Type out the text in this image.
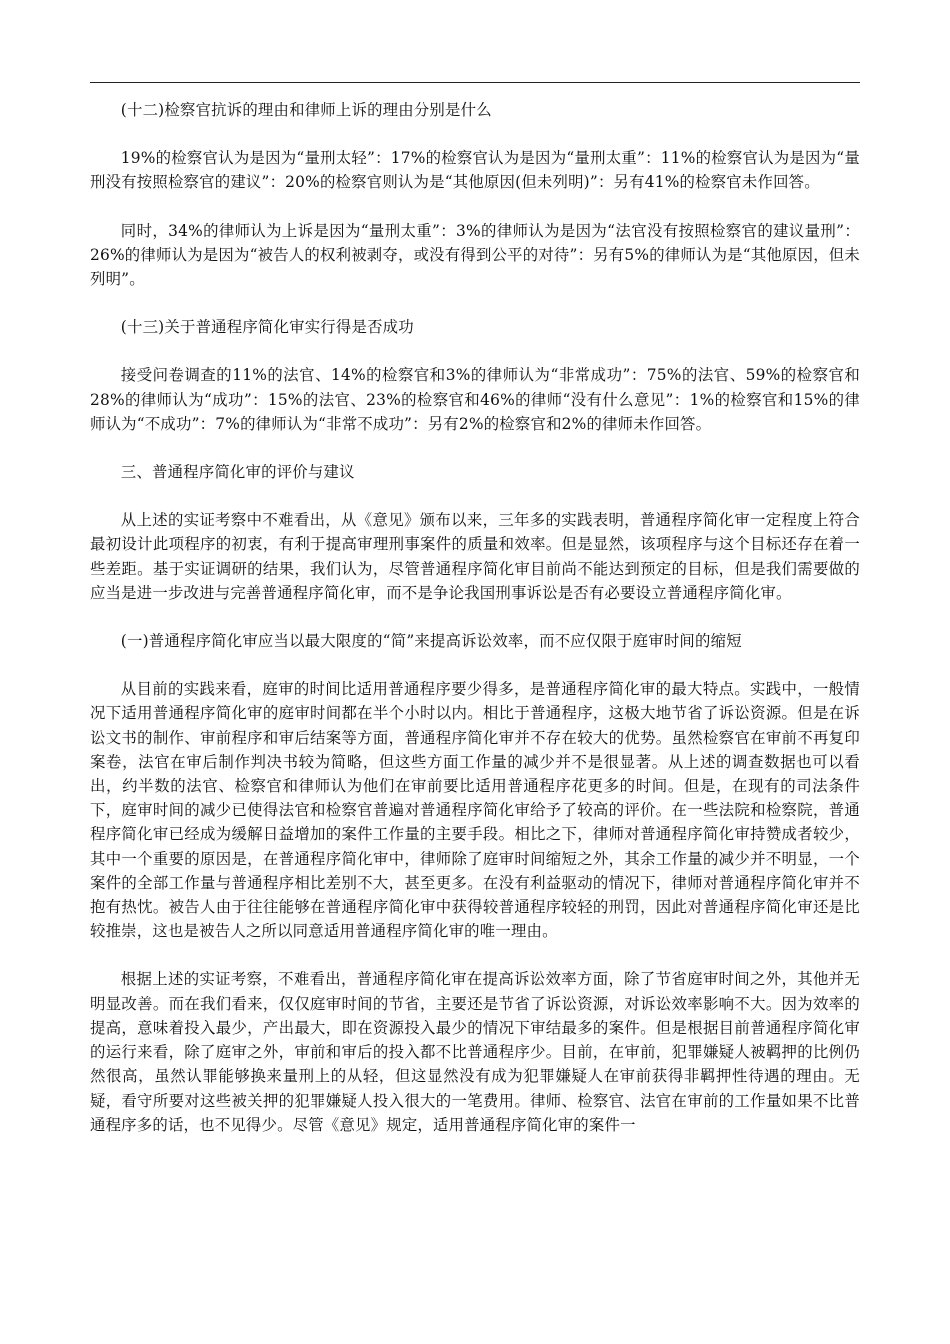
(十二)检察官抗诉的理由和律师上诉的理由分别是什么

19%的检察官认为是因为“量刑太轻”：17%的检察官认为是因为“量刑太重”：11%的检察官认为是因为“量刑没有按照检察官的建议”：20%的检察官则认为是“其他原因(但未列明)”：另有41%的检察官未作回答。

同时，34%的律师认为上诉是因为“量刑太重”：3%的律师认为是因为“法官没有按照检察官的建议量刑”：26%的律师认为是因为“被告人的权利被剥夺，或没有得到公平的对待”：另有5%的律师认为是“其他原因，但未列明”。

(十三)关于普通程序简化审实行得是否成功

接受问卷调查的11%的法官、14%的检察官和3%的律师认为“非常成功”：75%的法官、59%的检察官和28%的律师认为“成功”：15%的法官、23%的检察官和46%的律师“没有什么意见”：1%的检察官和15%的律师认为“不成功”：7%的律师认为“非常不成功”：另有2%的检察官和2%的律师未作回答。

三、普通程序简化审的评价与建议

从上述的实证考察中不难看出，从《意见》颁布以来，三年多的实践表明，普通程序简化审一定程度上符合最初设计此项程序的初衷，有利于提高审理刑事案件的质量和效率。但是显然，该项程序与这个目标还存在着一些差距。基于实证调研的结果，我们认为，尽管普通程序简化审目前尚不能达到预定的目标，但是我们需要做的应当是进一步改进与完善普通程序简化审，而不是争论我国刑事诉讼是否有必要设立普通程序简化审。

(一)普通程序简化审应当以最大限度的“简”来提高诉讼效率，而不应仅限于庭审时间的缩短

从目前的实践来看，庭审的时间比适用普通程序要少得多，是普通程序简化审的最大特点。实践中，一般情况下适用普通程序简化审的庭审时间都在半个小时以内。相比于普通程序，这极大地节省了诉讼资源。但是在诉讼文书的制作、审前程序和审后结案等方面，普通程序简化审并不存在较大的优势。虽然检察官在审前不再复印案卷，法官在审后制作判决书较为简略，但这些方面工作量的减少并不是很显著。从上述的调查数据也可以看出，约半数的法官、检察官和律师认为他们在审前要比适用普通程序花更多的时间。但是，在现有的司法条件下，庭审时间的减少已使得法官和检察官普遍对普通程序简化审给予了较高的评价。在一些法院和检察院，普通程序简化审已经成为缓解日益增加的案件工作量的主要手段。相比之下，律师对普通程序简化审持赞成者较少，其中一个重要的原因是，在普通程序简化审中，律师除了庭审时间缩短之外，其余工作量的减少并不明显，一个案件的全部工作量与普通程序相比差别不大，甚至更多。在没有利益驱动的情况下，律师对普通程序简化审并不抱有热忱。被告人由于往往能够在普通程序简化审中获得较普通程序较轻的刑罚，因此对普通程序简化审还是比较推崇，这也是被告人之所以同意适用普通程序简化审的唯一理由。

根据上述的实证考察，不难看出，普通程序简化审在提高诉讼效率方面，除了节省庭审时间之外，其他并无明显改善。而在我们看来，仅仅庭审时间的节省，主要还是节省了诉讼资源，对诉讼效率影响不大。因为效率的提高，意味着投入最少，产出最大，即在资源投入最少的情况下审结最多的案件。但是根据目前普通程序简化审的运行来看，除了庭审之外，审前和审后的投入都不比普通程序少。目前，在审前，犯罪嫌疑人被羁押的比例仍然很高，虽然认罪能够换来量刑上的从轻，但这显然没有成为犯罪嫌疑人在审前获得非羁押性待遇的理由。无疑，看守所要对这些被关押的犯罪嫌疑人投入很大的一笔费用。律师、检察官、法官在审前的工作量如果不比普通程序多的话，也不见得少。尽管《意见》规定，适用普通程序简化审的案件一
